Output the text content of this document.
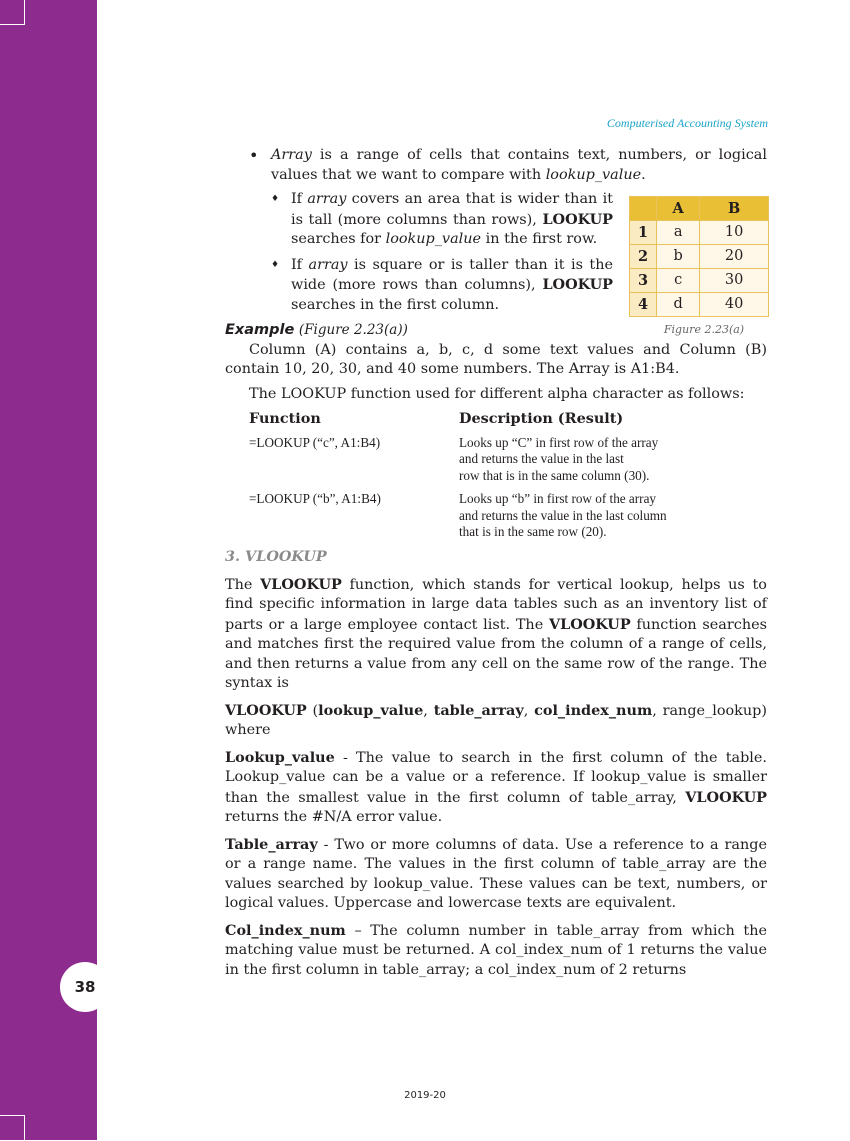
38
Computerised Accounting System
• Array is a range of cells that contains text, numbers, or logical values that we want to compare with lookup_value.
♦ If array covers an area that is wider than it is tall (more columns than rows), LOOKUP searches for lookup_value in the first row.
♦ If array is square or is taller than it is the wide (more rows than columns), LOOKUP searches in the first column.
	A	B
1	a	10
2	b	20
3	c	30
4	d	40
Figure 2.23(a)
Example (Figure 2.23(a))

Column (A) contains a, b, c, d some text values and Column (B) contain 10, 20, 30, and 40 some numbers. The Array is A1:B4.

The LOOKUP function used for different alpha character as follows:

Function	Description (Result)
=LOOKUP (“c”, A1:B4)	Looks up “C” in first row of the array
and returns the value in the last
row that is in the same column (30).
=LOOKUP (“b”, A1:B4)	Looks up “b” in first row of the array
and returns the value in the last column
that is in the same row (20).
3. VLOOKUP

The VLOOKUP function, which stands for vertical lookup, helps us to find specific information in large data tables such as an inventory list of parts or a large employee contact list. The VLOOKUP function searches and matches first the required value from the column of a range of cells, and then returns a value from any cell on the same row of the range. The syntax is

VLOOKUP (lookup_value, table_array, col_index_num, range_lookup) where

Lookup_value - The value to search in the first column of the table. Lookup_value can be a value or a reference. If lookup_value is smaller than the smallest value in the first column of table_array, VLOOKUP returns the #N/A error value.

Table_array - Two or more columns of data. Use a reference to a range or a range name. The values in the first column of table_array are the values searched by lookup_value. These values can be text, numbers, or logical values. Uppercase and lowercase texts are equivalent.

Col_index_num – The column number in table_array from which the matching value must be returned. A col_index_num of 1 returns the value in the first column in table_array; a col_index_num of 2 returns

2019-20
